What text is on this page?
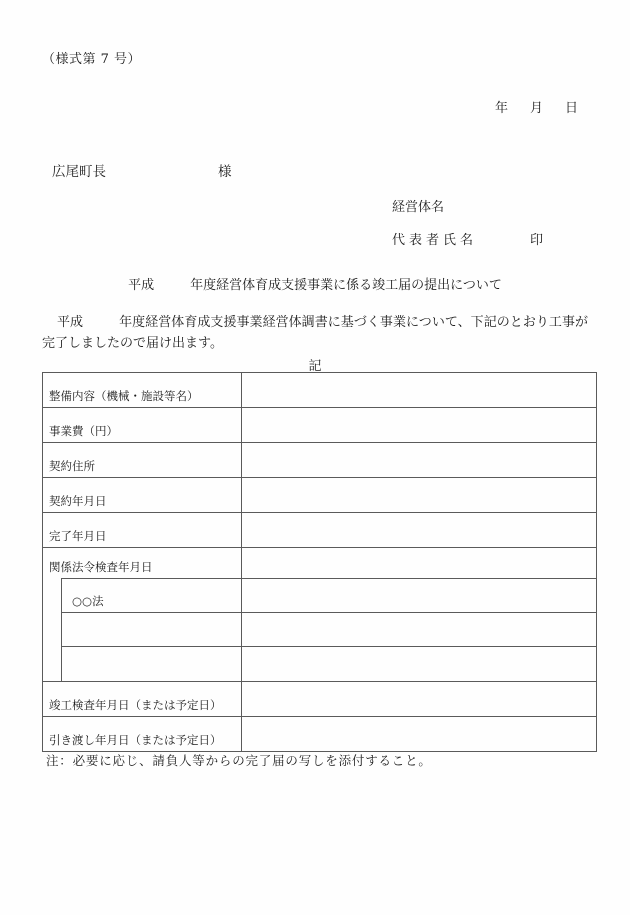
（様式第 7 号）
年 月 日
広尾町長	様
経営体名
代表者氏名	印
平成	年度経営体育成支援事業に係る竣工届の提出について
平成	年度経営体育成支援事業経営体調書に基づく事業について、下記のとおり工事が完了しましたので届け出ます。
記
整備内容（機械・施設等名）	
事業費（円）	
契約住所	
契約年月日	
完了年月日	

関係法令検査年月日
○○法	

竣工検査年月日（または予定日）	
引き渡し年月日（または予定日）	
注：必要に応じ、請負人等からの完了届の写しを添付すること。
